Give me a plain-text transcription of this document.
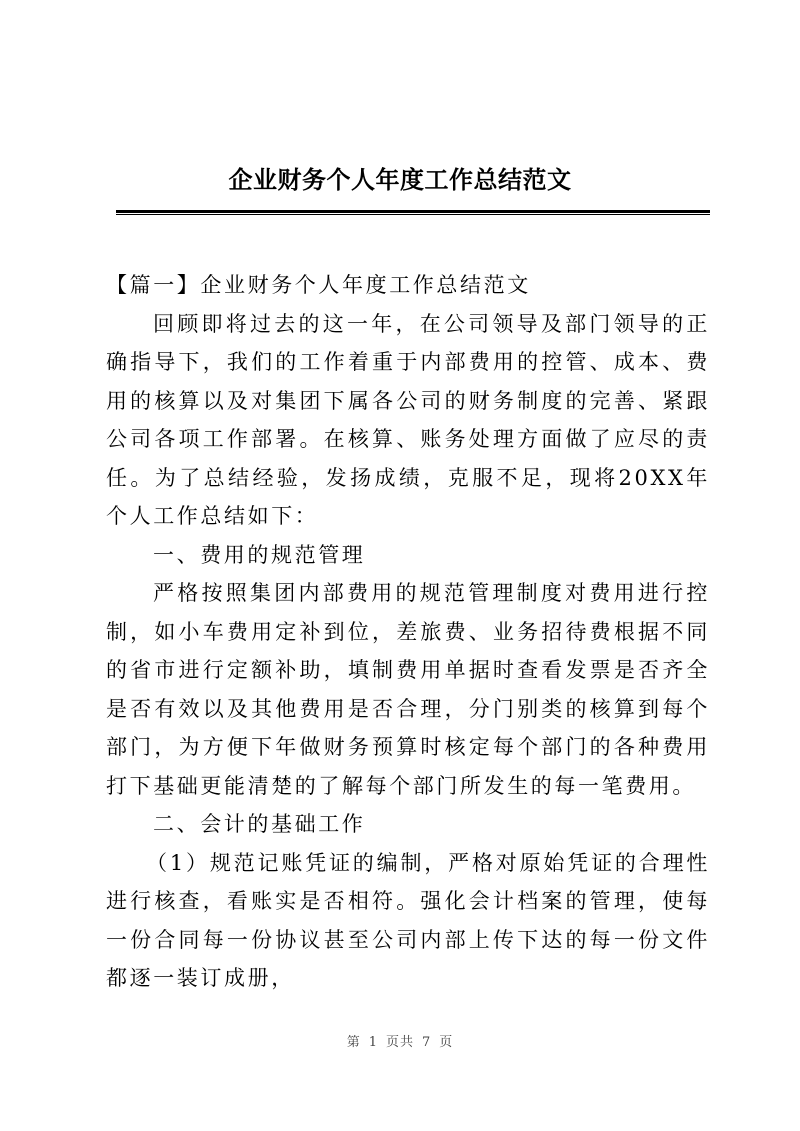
企业财务个人年度工作总结范文

【篇一】企业财务个人年度工作总结范文

回顾即将过去的这一年，在公司领导及部门领导的正确指导下，我们的工作着重于内部费用的控管、成本、费用的核算以及对集团下属各公司的财务制度的完善、紧跟公司各项工作部署。在核算、账务处理方面做了应尽的责任。为了总结经验，发扬成绩，克服不足，现将20XX年个人工作总结如下：

一、费用的规范管理

严格按照集团内部费用的规范管理制度对费用进行控制，如小车费用定补到位，差旅费、业务招待费根据不同的省市进行定额补助，填制费用单据时查看发票是否齐全是否有效以及其他费用是否合理，分门别类的核算到每个部门，为方便下年做财务预算时核定每个部门的各种费用打下基础更能清楚的了解每个部门所发生的每一笔费用。

二、会计的基础工作

（1）规范记账凭证的编制，严格对原始凭证的合理性进行核查，看账实是否相符。强化会计档案的管理，使每一份合同每一份协议甚至公司内部上传下达的每一份文件都逐一装订成册，

第 1 页共 7 页
